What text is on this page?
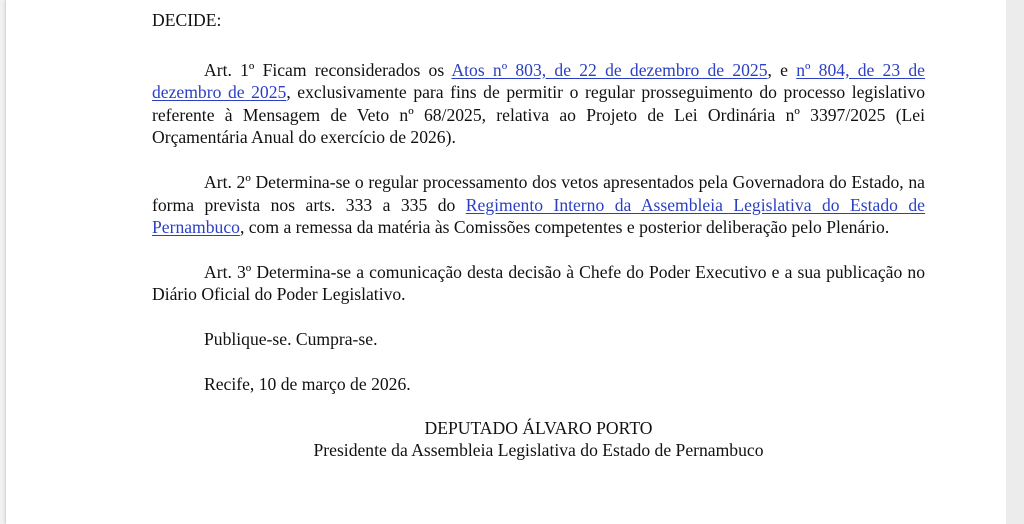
DECIDE:

Art. 1º Ficam reconsiderados os Atos nº 803, de 22 de dezembro de 2025, e nº 804, de 23 de dezembro de 2025, exclusivamente para fins de permitir o regular prosseguimento do processo legislativo referente à Mensagem de Veto nº 68/2025, relativa ao Projeto de Lei Ordinária nº 3397/2025 (Lei Orçamentária Anual do exercício de 2026).

Art. 2º Determina-se o regular processamento dos vetos apresentados pela Governadora do Estado, na forma prevista nos arts. 333 a 335 do Regimento Interno da Assembleia Legislativa do Estado de Pernambuco, com a remessa da matéria às Comissões competentes e posterior deliberação pelo Plenário.

Art. 3º Determina-se a comunicação desta decisão à Chefe do Poder Executivo e a sua publicação no Diário Oficial do Poder Legislativo.

Publique-se. Cumpra-se.

Recife, 10 de março de 2026.

DEPUTADO ÁLVARO PORTO
Presidente da Assembleia Legislativa do Estado de Pernambuco
